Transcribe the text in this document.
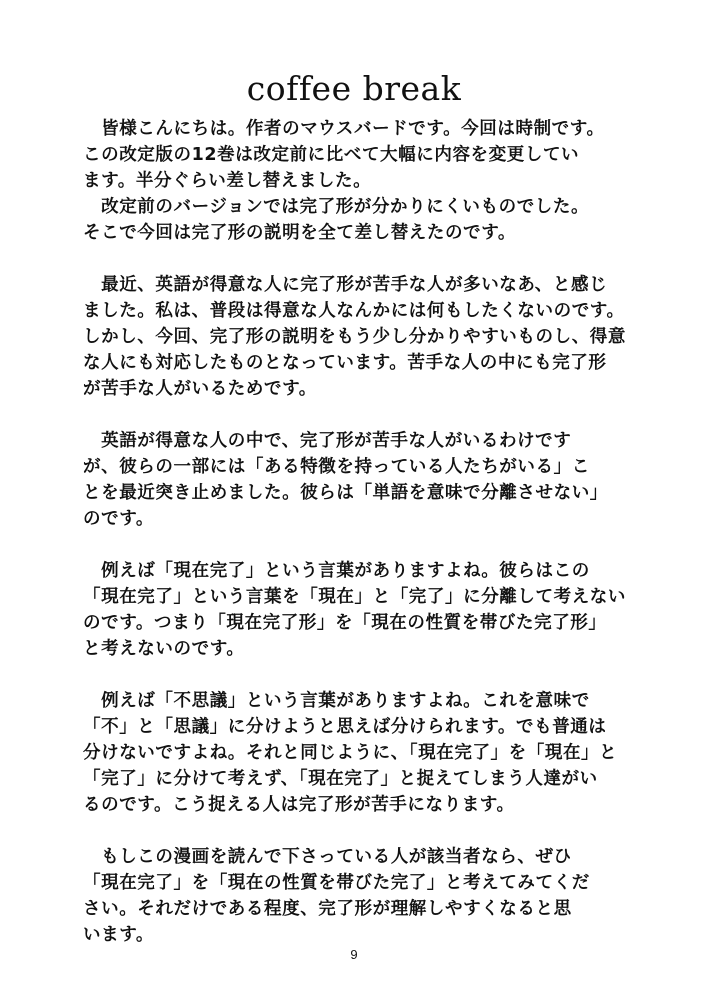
coffee break
　皆様こんにちは。作者のマウスバードです。今回は時制です。
この改定版の12巻は改定前に比べて大幅に内容を変更してい
ます。半分ぐらい差し替えました。
　改定前のバージョンでは完了形が分かりにくいものでした。
そこで今回は完了形の説明を全て差し替えたのです。
　最近、英語が得意な人に完了形が苦手な人が多いなあ、と感じ
ました。私は、普段は得意な人なんかには何もしたくないのです。
しかし、今回、完了形の説明をもう少し分かりやすいものし、得意
な人にも対応したものとなっています。苦手な人の中にも完了形
が苦手な人がいるためです。
　英語が得意な人の中で、完了形が苦手な人がいるわけです
が、彼らの一部には「ある特徴を持っている人たちがいる」こ
とを最近突き止めました。彼らは「単語を意味で分離させない」
のです。
　例えば「現在完了」という言葉がありますよね。彼らはこの
「現在完了」という言葉を「現在」と「完了」に分離して考えない
のです。つまり「現在完了形」を「現在の性質を帯びた完了形」
と考えないのです。
　例えば「不思議」という言葉がありますよね。これを意味で
「不」と「思議」に分けようと思えば分けられます。でも普通は
分けないですよね。それと同じように、「現在完了」を「現在」と
「完了」に分けて考えず、「現在完了」と捉えてしまう人達がい
るのです。こう捉える人は完了形が苦手になります。
　もしこの漫画を読んで下さっている人が該当者なら、ぜひ
「現在完了」を「現在の性質を帯びた完了」と考えてみてくだ
さい。それだけである程度、完了形が理解しやすくなると思
います。
9
